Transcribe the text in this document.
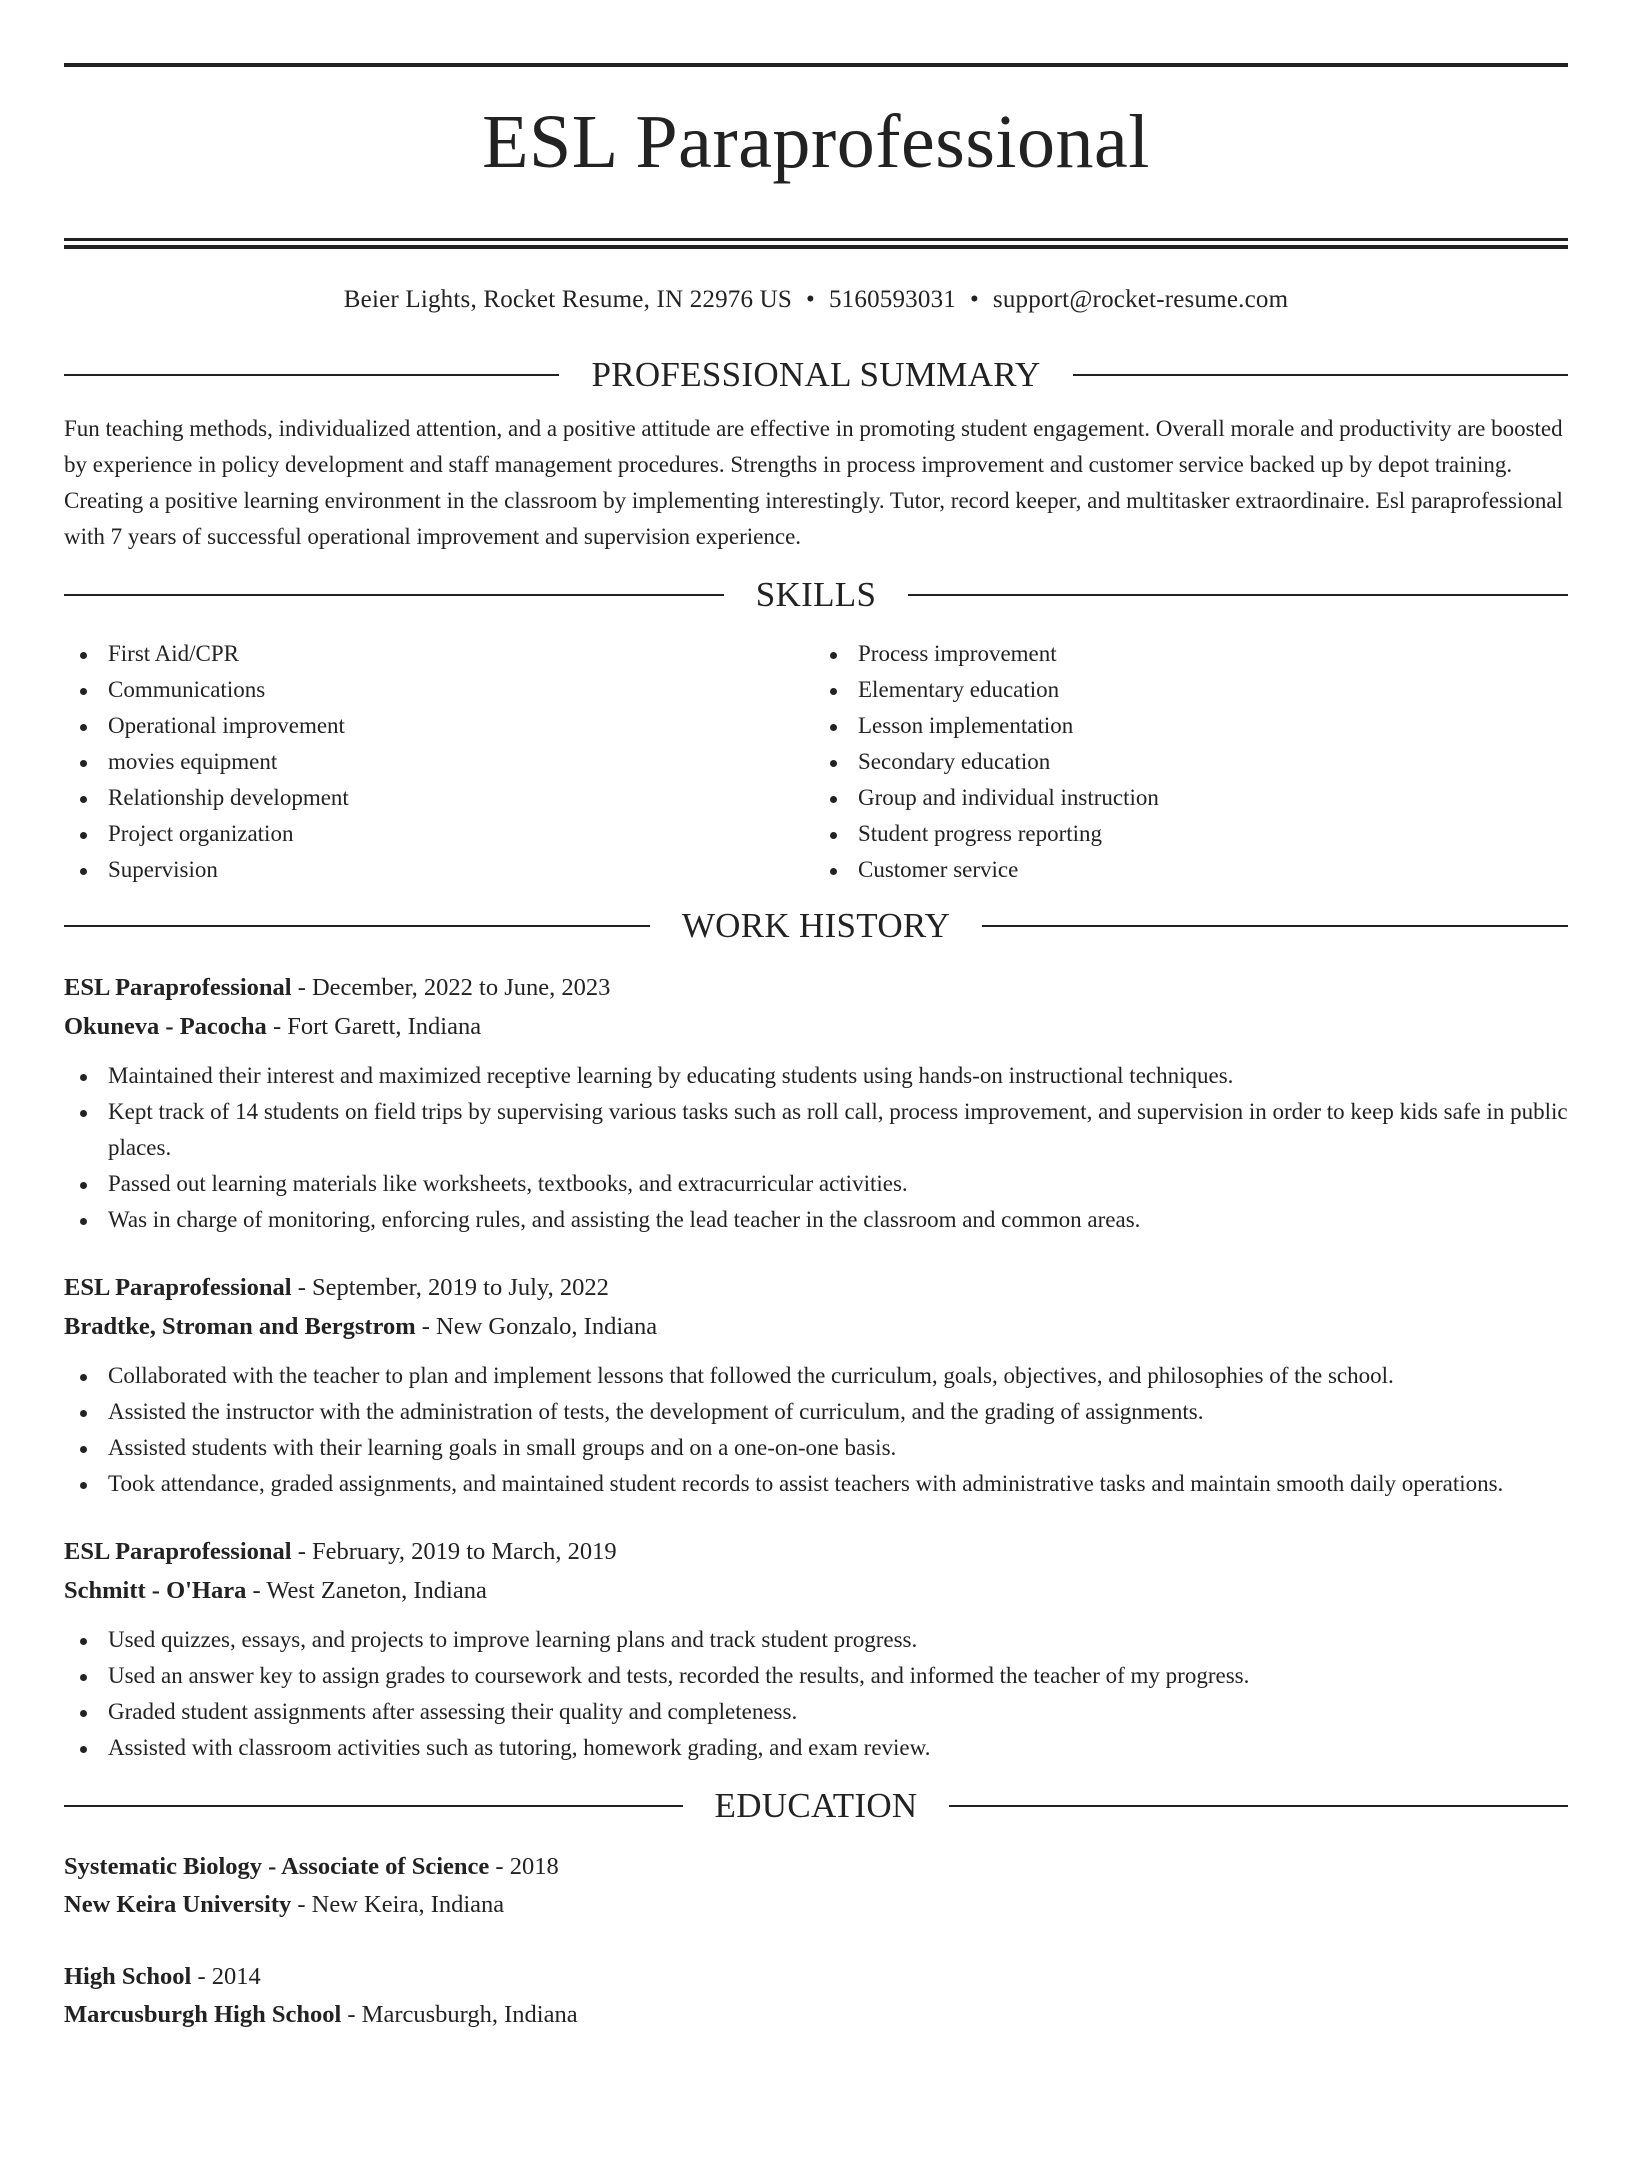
ESL Paraprofessional
Beier Lights, Rocket Resume, IN 22976 US • 5160593031 • support@rocket-resume.com
PROFESSIONAL SUMMARY

Fun teaching methods, individualized attention, and a positive attitude are effective in promoting student engagement. Overall morale and productivity are boosted by experience in policy development and staff management procedures. Strengths in process improvement and customer service backed up by depot training. Creating a positive learning environment in the classroom by implementing interestingly. Tutor, record keeper, and multitasker extraordinaire. Esl paraprofessional with 7 years of successful operational improvement and supervision experience.

SKILLS
First Aid/CPR
Communications
Operational improvement
movies equipment
Relationship development
Project organization
Supervision
Process improvement
Elementary education
Lesson implementation
Secondary education
Group and individual instruction
Student progress reporting
Customer service
WORK HISTORY
ESL Paraprofessional - December, 2022 to June, 2023
Okuneva - Pacocha - Fort Garett, Indiana
Maintained their interest and maximized receptive learning by educating students using hands-on instructional techniques.
Kept track of 14 students on field trips by supervising various tasks such as roll call, process improvement, and supervision in order to keep kids safe in public places.
Passed out learning materials like worksheets, textbooks, and extracurricular activities.
Was in charge of monitoring, enforcing rules, and assisting the lead teacher in the classroom and common areas.
ESL Paraprofessional - September, 2019 to July, 2022
Bradtke, Stroman and Bergstrom - New Gonzalo, Indiana
Collaborated with the teacher to plan and implement lessons that followed the curriculum, goals, objectives, and philosophies of the school.
Assisted the instructor with the administration of tests, the development of curriculum, and the grading of assignments.
Assisted students with their learning goals in small groups and on a one-on-one basis.
Took attendance, graded assignments, and maintained student records to assist teachers with administrative tasks and maintain smooth daily operations.
ESL Paraprofessional - February, 2019 to March, 2019
Schmitt - O'Hara - West Zaneton, Indiana
Used quizzes, essays, and projects to improve learning plans and track student progress.
Used an answer key to assign grades to coursework and tests, recorded the results, and informed the teacher of my progress.
Graded student assignments after assessing their quality and completeness.
Assisted with classroom activities such as tutoring, homework grading, and exam review.
EDUCATION
Systematic Biology - Associate of Science - 2018
New Keira University - New Keira, Indiana
High School - 2014
Marcusburgh High School - Marcusburgh, Indiana
